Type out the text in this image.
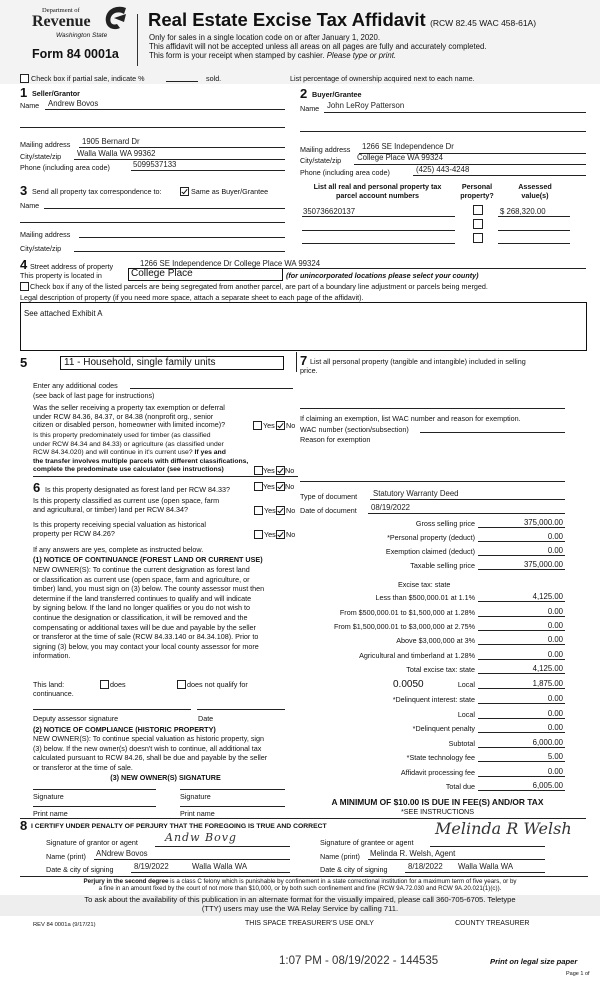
Department of
Revenue
Washington State
Form 84 0001a
Real Estate Excise Tax Affidavit (RCW 82.45 WAC 458-61A)
Only for sales in a single location code on or after January 1, 2020.
This affidavit will not be accepted unless all areas on all pages are fully and accurately completed.
This form is your receipt when stamped by cashier. Please type or print.
Check box if partial sale, indicate %	sold.	List percentage of ownership acquired next to each name.
1 Seller/Grantor
Name Andrew Bovos
Mailing address 1905 Bernard Dr
City/state/zip Walla Walla WA 99362
Phone (including area code)	5099537133
2 Buyer/Grantee
Name John LeRoy Patterson
Mailing address 1266 SE Independence Dr
City/state/zip College Place WA 99324
Phone (including area code)	(425) 443-4248
3 Send all property tax correspondence to:	Same as Buyer/Grantee
Name
Mailing address
City/state/zip
List all real and personal property tax
parcel account numbers
Personal
property?
Assessed
value(s)
350736620137	$ 268,320.00
4 Street address of property	1266 SE Independence Dr College Place WA 99324
This property is located in	College Place	(for unincorporated locations please select your county)
Check box if any of the listed parcels are being segregated from another parcel, are part of a boundary line adjustment or parcels being merged.
Legal description of property (if you need more space, attach a separate sheet to each page of the affidavit).
See attached Exhibit A
5	11 - Household, single family units
Enter any additional codes
(see back of last page for instructions)
Was the seller receiving a property tax exemption or deferral
under RCW 84.36, 84.37, or 84.38 (nonprofit org., senior
citizen or disabled person, homeowner with limited income)?	Yes No
Is this property predominately used for timber (as classified
under RCW 84.34 and 84.33) or agriculture (as classified under
RCW 84.34.020) and will continue in it's current use? If yes and
the transfer involves multiple parcels with different classifications,
complete the predominate use calculator (see instructions)	Yes No
6 Is this property designated as forest land per RCW 84.33?	Yes No
Is this property classified as current use (open space, farm
and agricultural, or timber) land per RCW 84.34?	Yes No
Is this property receiving special valuation as historical
property per RCW 84.26?	Yes No
If any answers are yes, complete as instructed below.
(1) NOTICE OF CONTINUANCE (FOREST LAND OR CURRENT USE)
NEW OWNER(S): To continue the current designation as forest land
or classification as current use (open space, farm and agriculture, or
timber) land, you must sign on (3) below. The county assessor must then
determine if the land transferred continues to qualify and will indicate
by signing below. If the land no longer qualifies or you do not wish to
continue the designation or classification, it will be removed and the
compensating or additional taxes will be due and payable by the seller
or transferor at the time of sale (RCW 84.33.140 or 84.34.108). Prior to
signing (3) below, you may contact your local county assessor for more
information.
This land:	does	does not qualify for
continuance.
Deputy assessor signature	Date
(2) NOTICE OF COMPLIANCE (HISTORIC PROPERTY)
NEW OWNER(S): To continue special valuation as historic property, sign
(3) below. If the new owner(s) doesn't wish to continue, all additional tax
calculated pursuant to RCW 84.26, shall be due and payable by the seller
or transferor at the time of sale.
(3) NEW OWNER(S) SIGNATURE
Signature	Signature
Print name	Print name
7 List all personal property (tangible and intangible) included in selling
price.
If claiming an exemption, list WAC number and reason for exemption.
WAC number (section/subsection)
Reason for exemption
Type of document Statutory Warranty Deed
Date of document 08/19/2022
Gross selling price	375,000.00
*Personal property (deduct)	0.00
Exemption claimed (deduct)	0.00
Taxable selling price	375,000.00
Excise tax: state
0.0050
Less than $500,000.01 at 1.1%	4,125.00
From $500,000.01 to $1,500,000 at 1.28%	0.00
From $1,500,000.01 to $3,000,000 at 2.75%	0.00
Above $3,000,000 at 3%	0.00
Agricultural and timberland at 1.28%	0.00
Total excise tax: state	4,125.00
Local	1,875.00
*Delinquent interest: state	0.00
Local	0.00
*Delinquent penalty	0.00
Subtotal	6,000.00
*State technology fee	5.00
Affidavit processing fee	0.00
Total due	6,005.00
A MINIMUM OF $10.00 IS DUE IN FEE(S) AND/OR TAX
*SEE INSTRUCTIONS
8 I CERTIFY UNDER PENALTY OF PERJURY THAT THE FOREGOING IS TRUE AND CORRECT
Signature of grantor or agent Andw Bovg
Name (print) ANdrew Bovos
Date & city of signing	8/19/2022	Walla Walla WA
Signature of grantee or agent
Melinda R Welsh
Name (print) Melinda R. Welsh, Agent
Date & city of signing	8/18/2022 Walla Walla WA
Perjury in the second degree is a class C felony which is punishable by confinement in a state correctional institution for a maximum term of five years, or by
a fine in an amount fixed by the court of not more than $10,000, or by both such confinement and fine (RCW 9A.72.030 and RCW 9A.20.021(1)(c)).
To ask about the availability of this publication in an alternate format for the visually impaired, please call 360-705-6705. Teletype
(TTY) users may use the WA Relay Service by calling 711.
REV 84 0001a (9/17/21)	THIS SPACE TREASURER'S USE ONLY	COUNTY TREASURER
1:07 PM - 08/19/2022 - 144535	Print on legal size paper
Page 1 of
